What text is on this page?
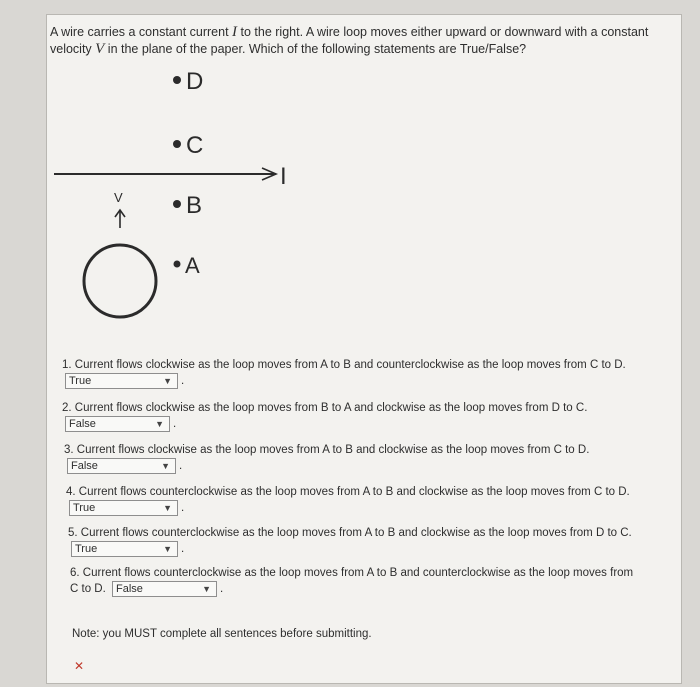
A wire carries a constant current I to the right. A wire loop moves either upward or downward with a constant velocity V in the plane of the paper. Which of the following statements are True/False?
D
C
B
A
I
V
1. Current flows clockwise as the loop moves from A to B and counterclockwise as the loop moves from C to D. True	▼ .
2. Current flows clockwise as the loop moves from B to A and clockwise as the loop moves from D to C. False	▼ .
3. Current flows clockwise as the loop moves from A to B and clockwise as the loop moves from C to D. False	▼ .
4. Current flows counterclockwise as the loop moves from A to B and clockwise as the loop moves from C to D. True	▼ .
5. Current flows counterclockwise as the loop moves from A to B and clockwise as the loop moves from D to C. True	▼ .
6. Current flows counterclockwise as the loop moves from A to B and counterclockwise as the loop moves from C to D. False	▼ .
Note: you MUST complete all sentences before submitting.
✕
